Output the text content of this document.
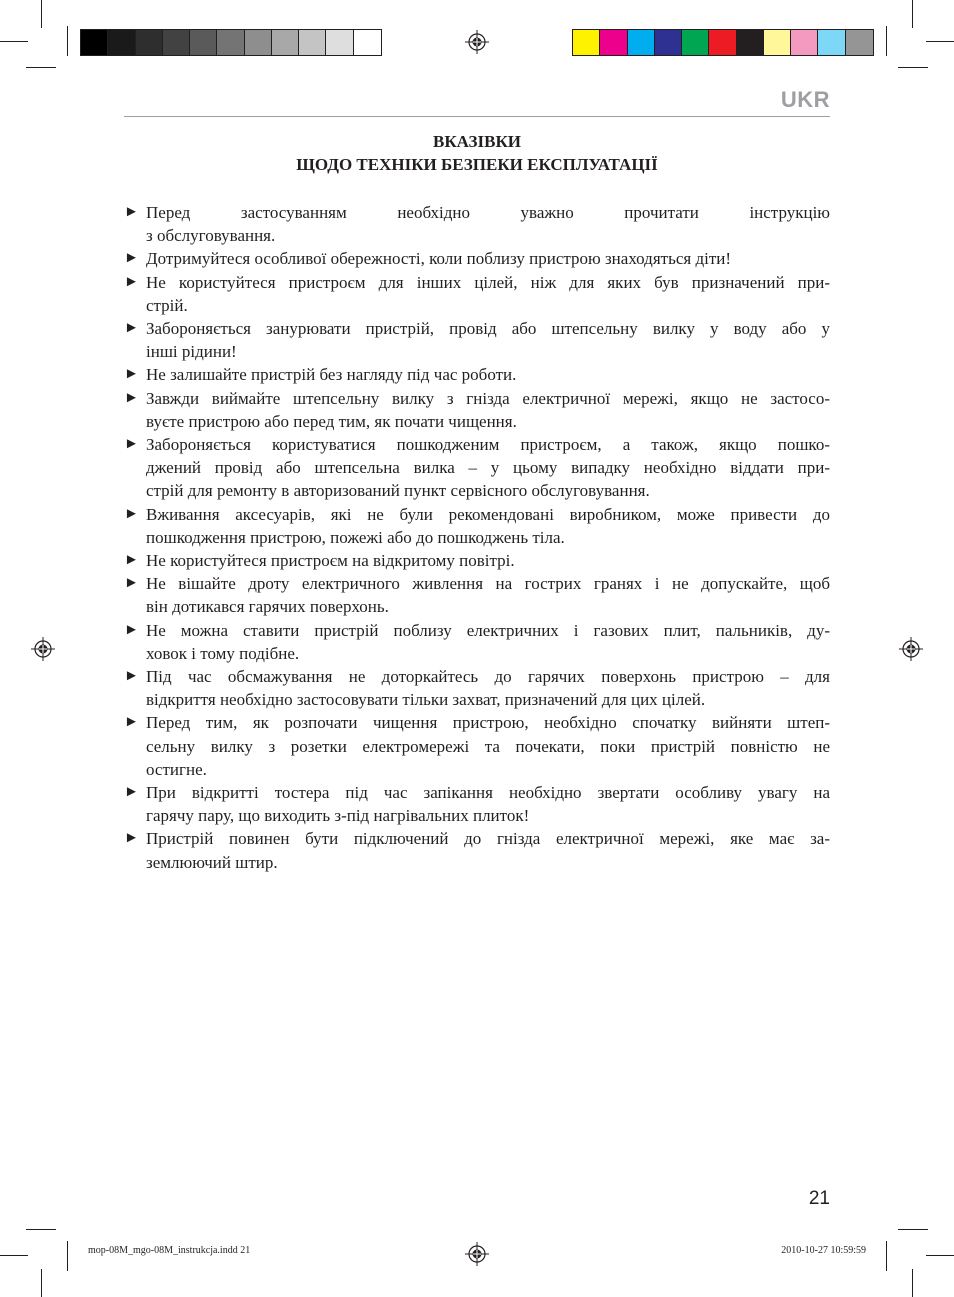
UKR
ВКАЗІВКИ
ЩОДО ТЕХНІКИ БЕЗПЕКИ ЕКСПЛУАТАЦІЇ
► Перед застосуванням необхідно уважно прочитати інструкцію
з обслуговування.
► Дотримуйтеся особливої обережності, коли поблизу пристрою знаходяться діти!
► Не користуйтеся пристроєм для інших цілей, ніж для яких був призначений при-
стрій.
► Забороняється занурювати пристрій, провід або штепсельну вилку у воду або у
інші рідини!
► Не залишайте пристрій без нагляду під час роботи.
► Завжди виймайте штепсельну вилку з гнізда електричної мережі, якщо не застосо-
вуєте пристрою або перед тим, як почати чищення.
► Забороняється користуватися пошкодженим пристроєм, а також, якщо пошко-
джений провід або штепсельна вилка – у цьому випадку необхідно віддати при-
стрій для ремонту в авторизований пункт сервісного обслуговування.
► Вживання аксесуарів, які не були рекомендовані виробником, може привести до
пошкодження пристрою, пожежі або до пошкоджень тіла.
► Не користуйтеся пристроєм на відкритому повітрі.
► Не вішайте дроту електричного живлення на гострих гранях і не допускайте, щоб
він дотикався гарячих поверхонь.
► Не можна ставити пристрій поблизу електричних і газових плит, пальників, ду-
ховок і тому подібне.
► Під час обсмажування не доторкайтесь до гарячих поверхонь пристрою – для
відкриття необхідно застосовувати тільки захват, призначений для цих цілей.
► Перед тим, як розпочати чищення пристрою, необхідно спочатку вийняти штеп-
сельну вилку з розетки електромережі та почекати, поки пристрій повністю не
остигне.
► При відкритті тостера під час запікання необхідно звертати особливу увагу на
гарячу пару, що виходить з-під нагрівальних плиток!
► Пристрій повинен бути підключений до гнізда електричної мережі, яке має за-
землюючий штир.
21
mop-08M_mgo-08M_instrukcja.indd 21	2010-10-27 10:59:59
